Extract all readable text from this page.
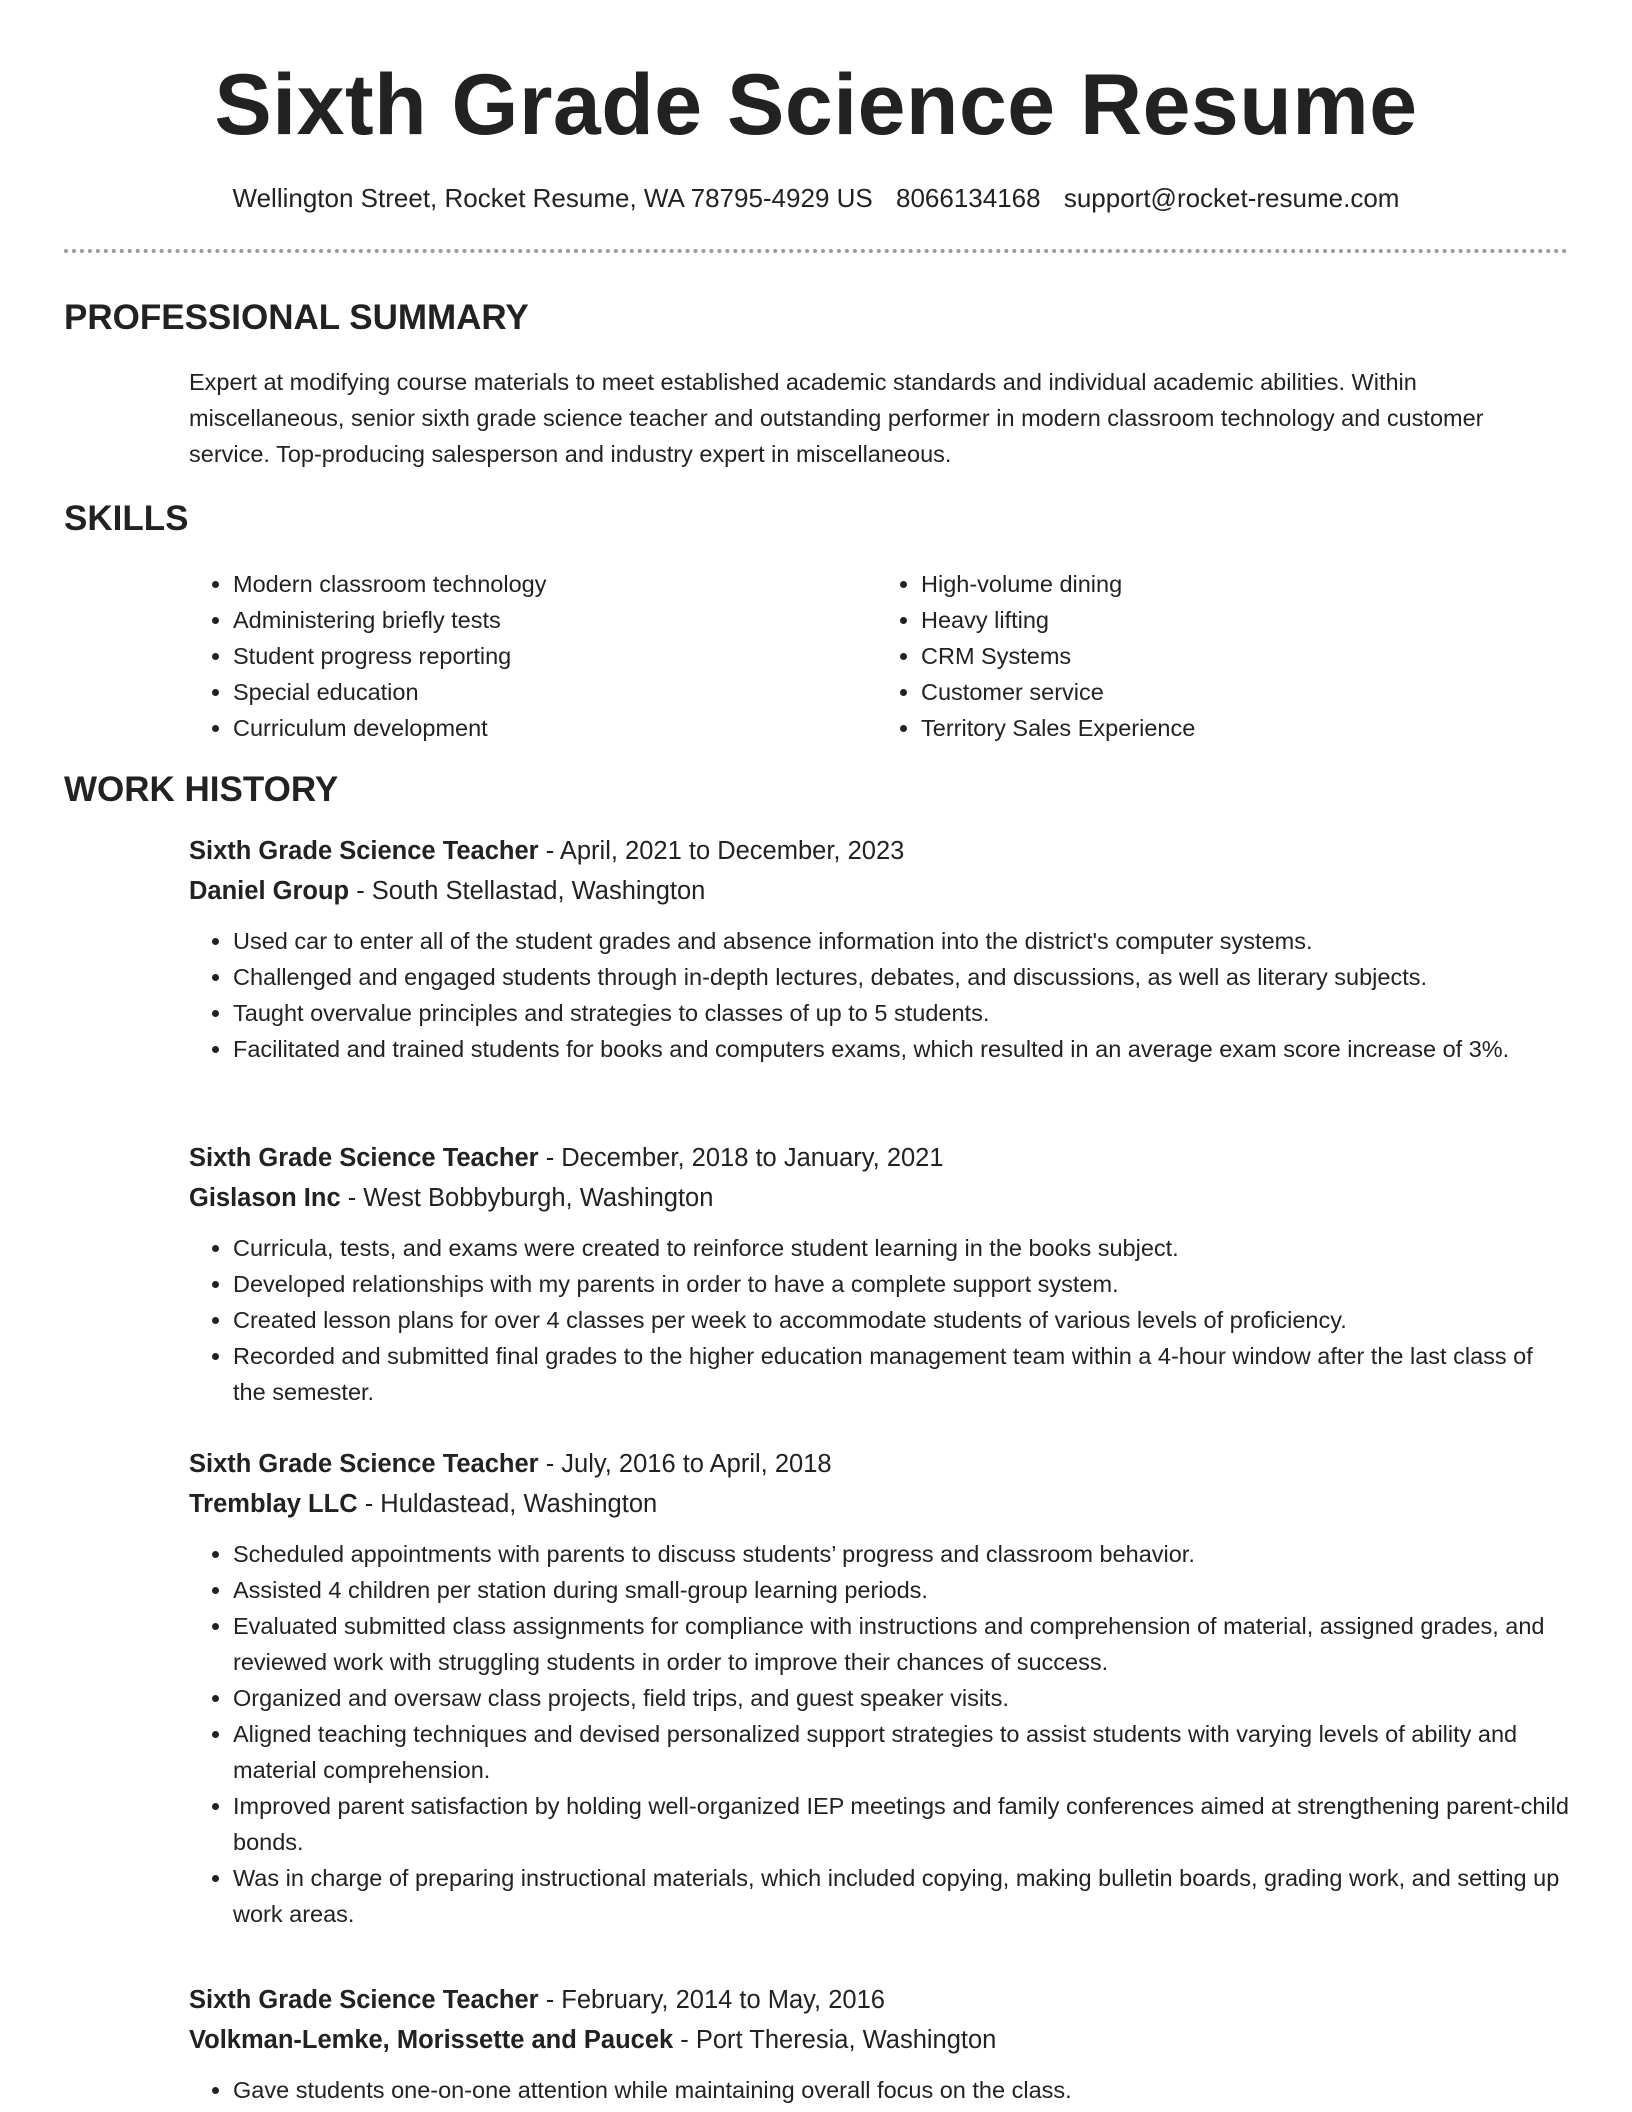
Sixth Grade Science Resume
Wellington Street, Rocket Resume, WA 78795-4929 US 8066134168 support@rocket-resume.com
PROFESSIONAL SUMMARY

Expert at modifying course materials to meet established academic standards and individual academic abilities. Within miscellaneous, senior sixth grade science teacher and outstanding performer in modern classroom technology and customer service. Top-producing salesperson and industry expert in miscellaneous.

SKILLS
• Modern classroom technology
• Administering briefly tests
• Student progress reporting
• Special education
• Curriculum development
• High-volume dining
• Heavy lifting
• CRM Systems
• Customer service
• Territory Sales Experience
WORK HISTORY

Sixth Grade Science Teacher - April, 2021 to December, 2023

Daniel Group - South Stellastad, Washington

• Used car to enter all of the student grades and absence information into the district's computer systems.
• Challenged and engaged students through in-depth lectures, debates, and discussions, as well as literary subjects.
• Taught overvalue principles and strategies to classes of up to 5 students.
• Facilitated and trained students for books and computers exams, which resulted in an average exam score increase of 3%.

Sixth Grade Science Teacher - December, 2018 to January, 2021

Gislason Inc - West Bobbyburgh, Washington

• Curricula, tests, and exams were created to reinforce student learning in the books subject.
• Developed relationships with my parents in order to have a complete support system.
• Created lesson plans for over 4 classes per week to accommodate students of various levels of proficiency.
• Recorded and submitted final grades to the higher education management team within a 4-hour window after the last class of the semester.

Sixth Grade Science Teacher - July, 2016 to April, 2018

Tremblay LLC - Huldastead, Washington

• Scheduled appointments with parents to discuss students’ progress and classroom behavior.
• Assisted 4 children per station during small-group learning periods.
• Evaluated submitted class assignments for compliance with instructions and comprehension of material, assigned grades, and reviewed work with struggling students in order to improve their chances of success.
• Organized and oversaw class projects, field trips, and guest speaker visits.
• Aligned teaching techniques and devised personalized support strategies to assist students with varying levels of ability and material comprehension.
• Improved parent satisfaction by holding well-organized IEP meetings and family conferences aimed at strengthening parent-child bonds.
• Was in charge of preparing instructional materials, which included copying, making bulletin boards, grading work, and setting up work areas.

Sixth Grade Science Teacher - February, 2014 to May, 2016

Volkman-Lemke, Morissette and Paucek - Port Theresia, Washington

• Gave students one-on-one attention while maintaining overall focus on the class.
